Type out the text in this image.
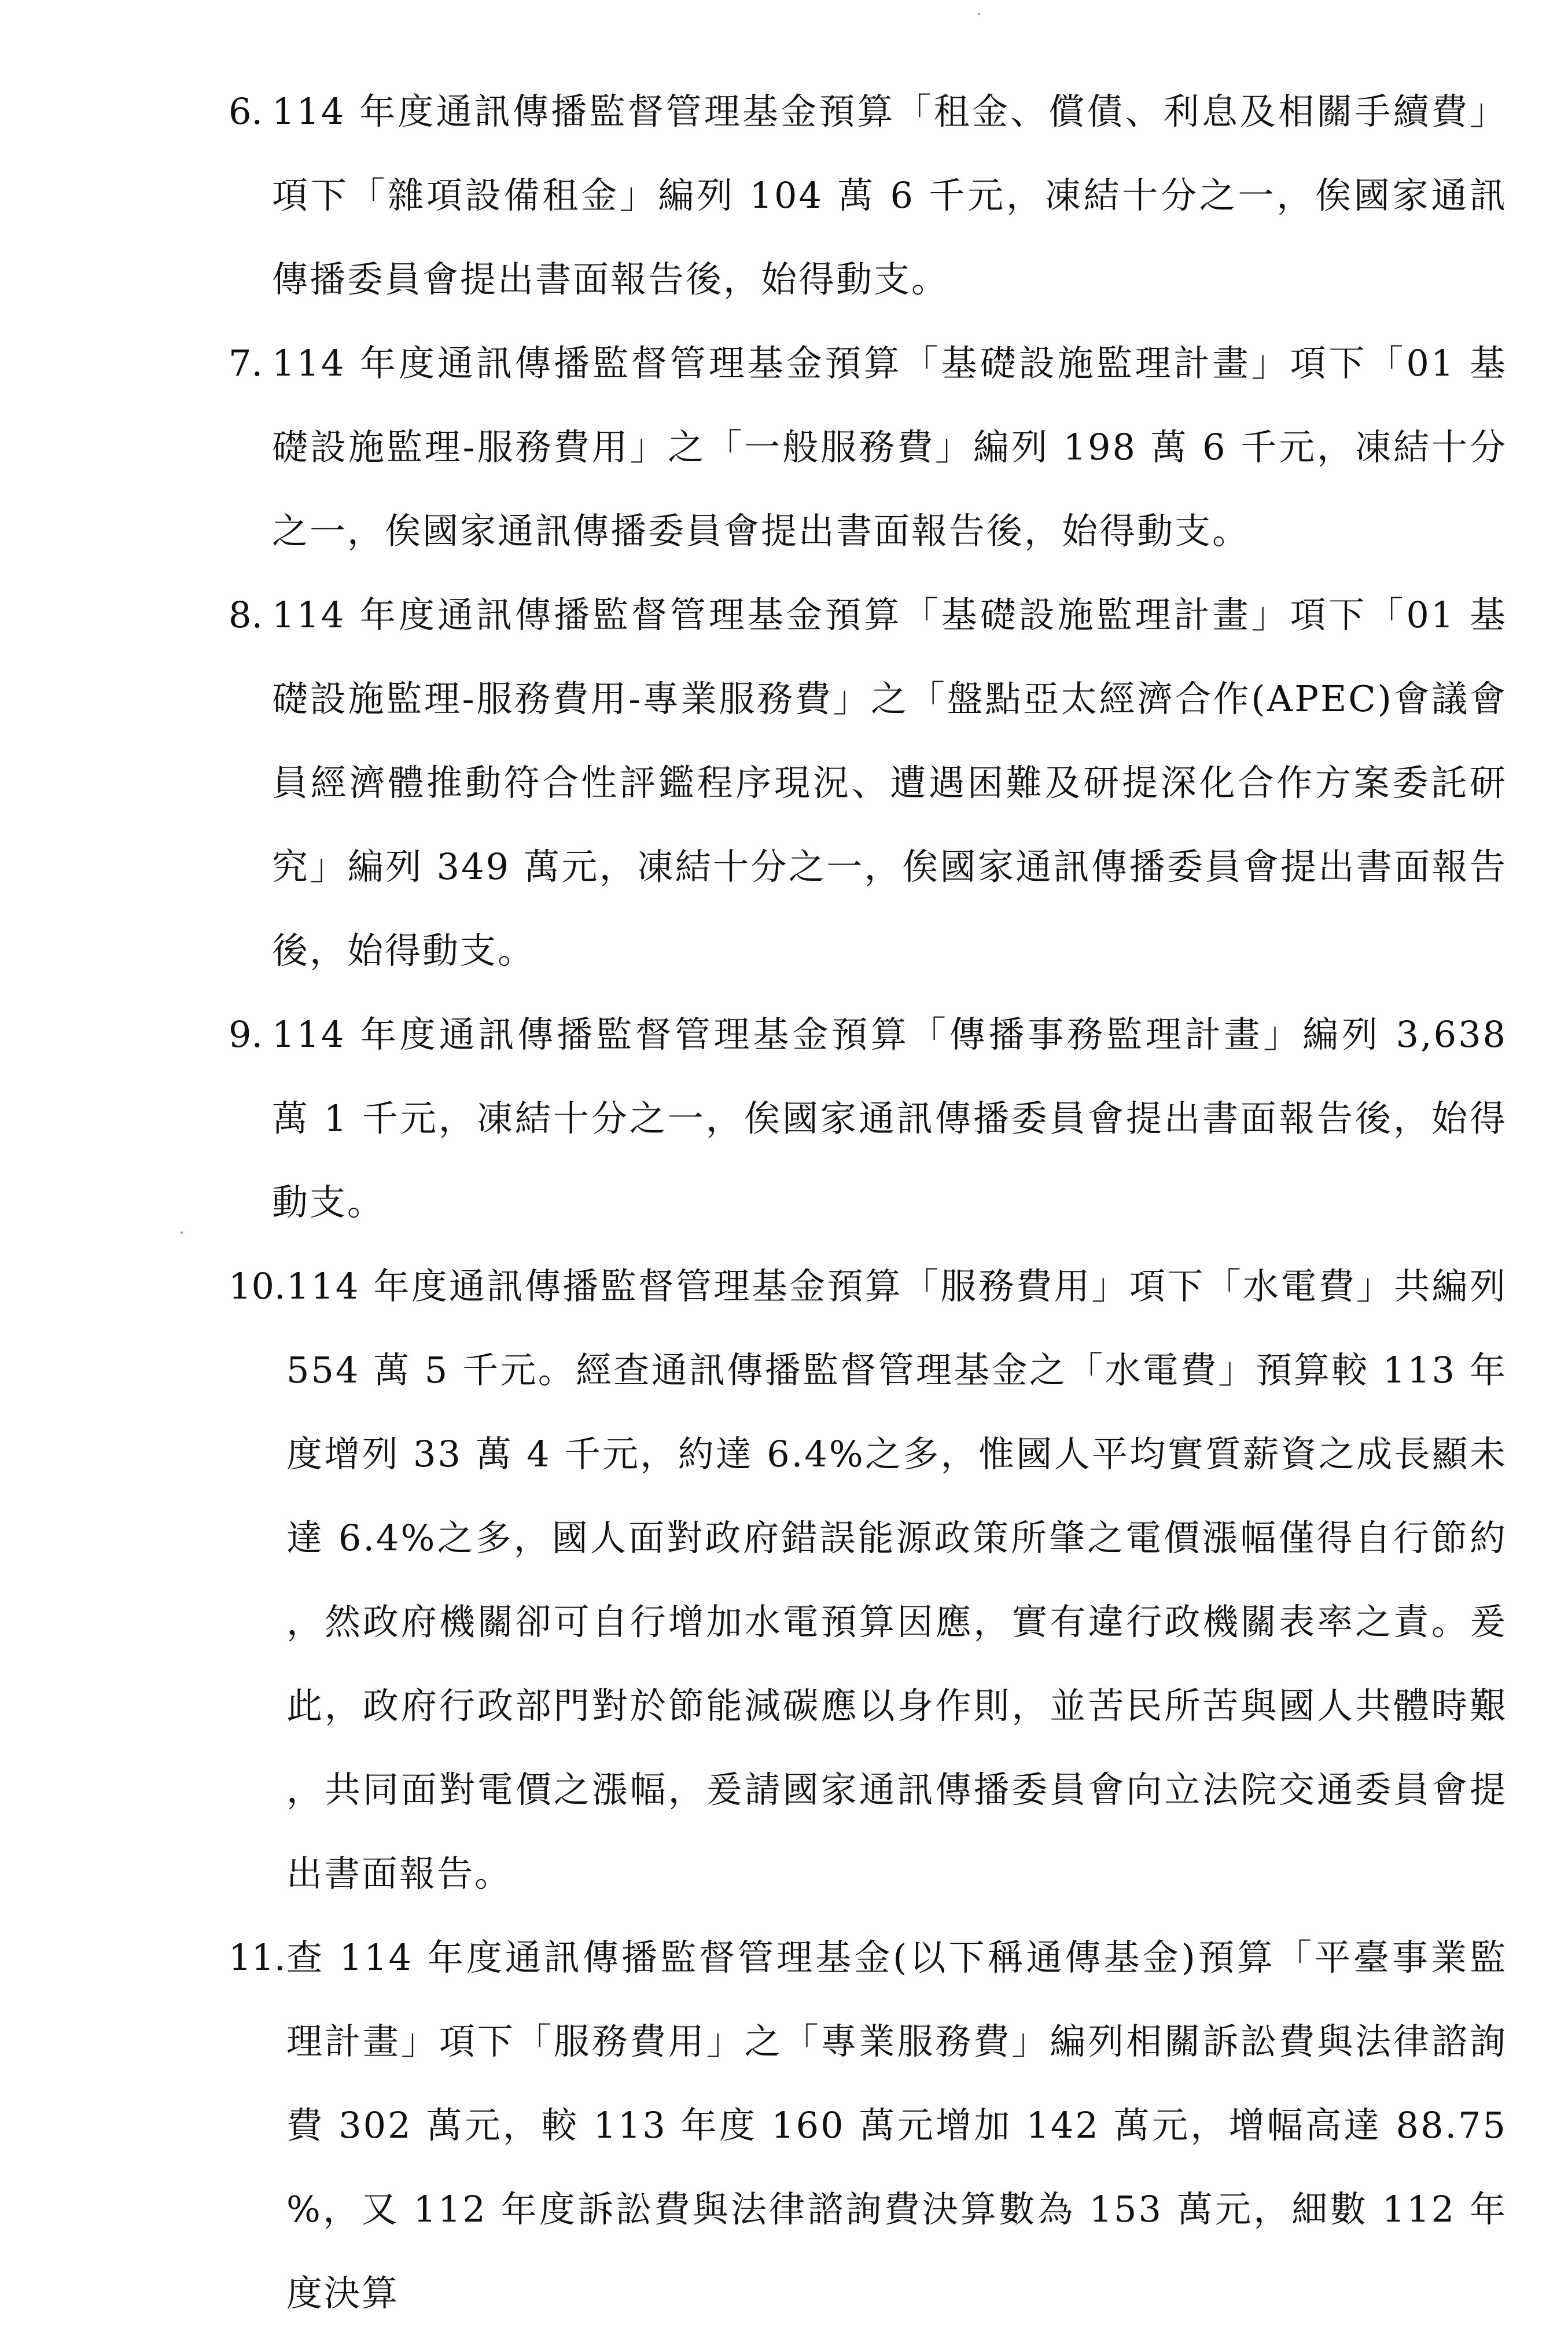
6. 114 年度通訊傳播監督管理基金預算「租金、償債、利息及相關手續費」項下「雜項設備租金」編列 104 萬 6 千元，凍結十分之一，俟國家通訊傳播委員會提出書面報告後，始得動支。
7. 114 年度通訊傳播監督管理基金預算「基礎設施監理計畫」項下「01 基礎設施監理-服務費用」之「一般服務費」編列 198 萬 6 千元，凍結十分之一，俟國家通訊傳播委員會提出書面報告後，始得動支。
8. 114 年度通訊傳播監督管理基金預算「基礎設施監理計畫」項下「01 基礎設施監理-服務費用-專業服務費」之「盤點亞太經濟合作(APEC)會議會員經濟體推動符合性評鑑程序現況、遭遇困難及研提深化合作方案委託研究」編列 349 萬元，凍結十分之一，俟國家通訊傳播委員會提出書面報告後，始得動支。
9. 114 年度通訊傳播監督管理基金預算「傳播事務監理計畫」編列 3,638 萬 1 千元，凍結十分之一，俟國家通訊傳播委員會提出書面報告後，始得動支。
10. 114 年度通訊傳播監督管理基金預算「服務費用」項下「水電費」共編列 554 萬 5 千元。經查通訊傳播監督管理基金之「水電費」預算較 113 年度增列 33 萬 4 千元，約達 6.4%之多，惟國人平均實質薪資之成長顯未達 6.4%之多，國人面對政府錯誤能源政策所肇之電價漲幅僅得自行節約，然政府機關卻可自行增加水電預算因應，實有違行政機關表率之責。爰此，政府行政部門對於節能減碳應以身作則，並苦民所苦與國人共體時艱，共同面對電價之漲幅，爰請國家通訊傳播委員會向立法院交通委員會提出書面報告。
11. 查 114 年度通訊傳播監督管理基金(以下稱通傳基金)預算「平臺事業監理計畫」項下「服務費用」之「專業服務費」編列相關訴訟費與法律諮詢費 302 萬元，較 113 年度 160 萬元增加 142 萬元，增幅高達 88.75%，又 112 年度訴訟費與法律諮詢費決算數為 153 萬元，細數 112 年度決算
